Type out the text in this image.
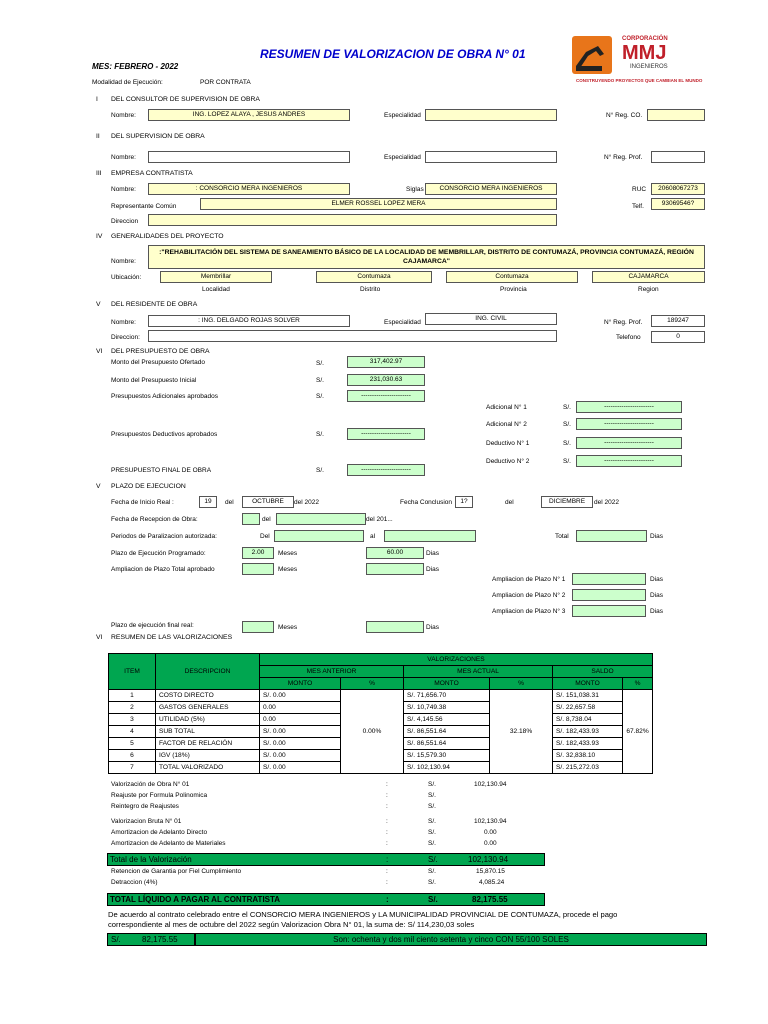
RESUMEN DE VALORIZACION DE OBRA N° 01
MES: FEBRERO - 2022
Modalidad de Ejecución:	POR CONTRATA
CORPORACIÓN
MMJ
INGENIEROS
CONSTRUYENDO PROYECTOS QUE CAMBIAN EL MUNDO
I DEL CONSULTOR DE SUPERVISION DE OBRA
Nombre:	ING. LOPEZ ALAYA , JESUS ANDRES	Especialidad	N° Reg. CO.
II DEL SUPERVISION DE OBRA
Nombre:	Especialidad	N° Reg. Prof.
III EMPRESA CONTRATISTA
Nombre:	: CONSORCIO MERA INGENIEROS	Siglas	CONSORCIO MERA INGENIEROS	RUC	20608067273
Representante Común	ELMER ROSSEL LOPEZ MERA	Telf.	93069546?
Direccion
IV GENERALIDADES DEL PROYECTO
Nombre:
:"REHABILITACIÓN DEL SISTEMA DE SANEAMIENTO BÁSICO DE LA LOCALIDAD DE MEMBRILLAR, DISTRITO DE CONTUMAZÁ, PROVINCIA CONTUMAZÁ, REGIÓN CAJAMARCA"
Ubicación:	Membrillar	Contumaza	Contumaza	CAJAMARCA
Localidad	Distrito	Provincia	Region
V DEL RESIDENTE DE OBRA
Nombre:	: ING. DELGADO ROJAS SOLVER	Especialidad
ING. CIVIL
N° Reg. Prof.	189247
Direccion:	Telefono	0
VI DEL PRESUPUESTO DE OBRA
Monto del Presupuesto Ofertado	S/.	317,402.97
Monto del Presupuesto Inicial	S/.	231,030.63
Presupuestos Adicionales aprobados	S/.	-----------------------
Adicional N° 1	S/.	-----------------------
Adicional N° 2	S/.	-----------------------
Presupuestos Deductivos aprobados	S/.	-----------------------
Deductivo N° 1	S/.	-----------------------
Deductivo N° 2	S/.	-----------------------
PRESUPUESTO FINAL DE OBRA	S/.	-----------------------
V PLAZO DE EJECUCION
Fecha de Inicio Real :	19	del	OCTUBRE	del 2022	Fecha Conclusion	1?	del	DICIEMBRE	del 2022
Fecha de Recepcion de Obra:	del	del 201...
Periodos de Paralizacion autorizada:	Del	al	Total	Dias
Plazo de Ejecución Programado:	2.00	Meses	60.00	Dias
Ampliacion de Plazo Total aprobado	Meses	Dias
Ampliacion de Plazo N° 1	Dias
Ampliacion de Plazo N° 2	Dias
Ampliacion de Plazo N° 3	Dias
Plazo de ejecución final real:	Meses	Dias
VI RESUMEN DE LAS VALORIZACIONES
ITEM	DESCRIPCION	VALORIZACIONES					
		MES ANTERIOR		MES ACTUAL		SALDO	
		MONTO	%	MONTO	%	MONTO	%
1	COSTO DIRECTO	S/. 0.00	0.00%	S/. 71,656.70	32.18%	S/. 151,038.31	67.82%
2	GASTOS GENERALES	0.00		S/. 10,749.38		S/. 22,657.58	
3	UTILIDAD (5%)	0.00		S/. 4,145.56		S/. 8,738.04	
4	SUB TOTAL	S/. 0.00		S/. 86,551.64		S/. 182,433.93	
5	FACTOR DE RELACIÓN	S/. 0.00		S/. 86,551.64		S/. 182,433.93	
6	IGV (18%)	S/. 0.00		S/. 15,579.30		S/. 32,838.10	
7	TOTAL VALORIZADO	S/. 0.00		S/. 102,130.94		S/. 215,272.03	
Valorización de Obra N° 01	:	S/.	102,130.94
Reajuste por Formula Polinomica	:	S/.
Reintegro de Reajustes	:	S/.
Valorizacion Bruta N° 01	:	S/.	102,130.94
Amortizacion de Adelanto Directo	:	S/.	0.00
Amortizacion de Adelanto de Materiales	:	S/.	0.00
Total de la Valorización	:	S/.	102,130.94
Retencion de Garantia por Fiel Cumplimiento	:	S/.	15,870.15
Detraccion (4%)	:	S/.	4,085.24
TOTAL LÍQUIDO A PAGAR AL CONTRATISTA	:	S/.	82,175.55
De acuerdo al contrato celebrado entre el CONSORCIO MERA INGENIEROS y LA MUNICIPALIDAD PROVINCIAL DE CONTUMAZA, procede el pago
correspondiente al mes de octubre del 2022 según Valorizacion Obra N° 01, la suma de: S/ 114,230,03 soles
S/.	82,175.55	Son: ochenta y dos mil ciento setenta y cinco CON 55/100 SOLES
